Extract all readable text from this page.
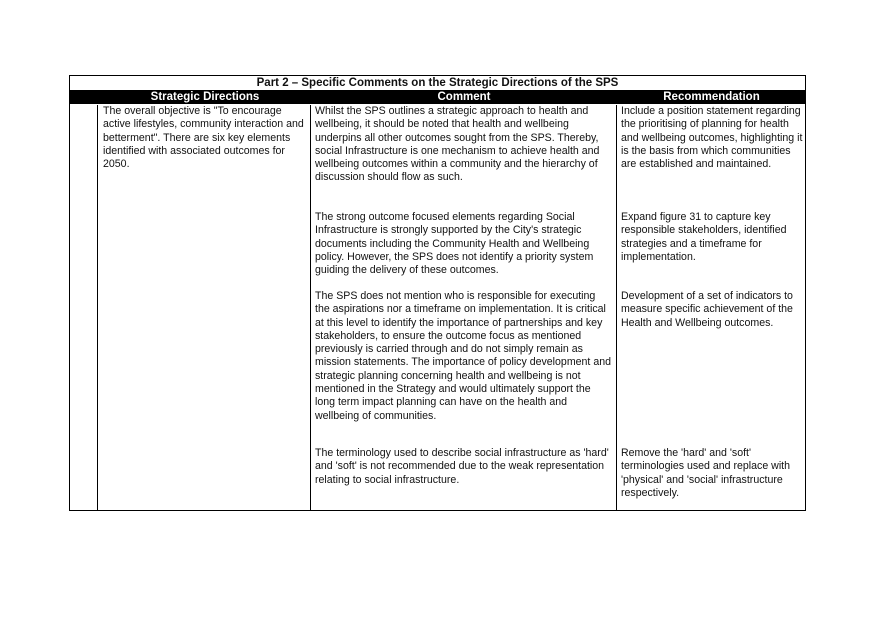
Part 2 – Specific Comments on the Strategic Directions of the SPS
Strategic Directions	Comment	Recommendation
The overall objective is "To encourage active lifestyles, community interaction and betterment". There are six key elements identified with associated outcomes for 2050.
Whilst the SPS outlines a strategic approach to health and wellbeing, it should be noted that health and wellbeing underpins all other outcomes sought from the SPS. Thereby, social Infrastructure is one mechanism to achieve health and wellbeing outcomes within a community and the hierarchy of discussion should flow as such.
Include a position statement regarding the prioritising of planning for health and wellbeing outcomes, highlighting it is the basis from which communities are established and maintained.
The strong outcome focused elements regarding Social Infrastructure is strongly supported by the City's strategic documents including the Community Health and Wellbeing policy. However, the SPS does not identify a priority system guiding the delivery of these outcomes.
Expand figure 31 to capture key responsible stakeholders, identified strategies and a timeframe for implementation.
The SPS does not mention who is responsible for executing the aspirations nor a timeframe on implementation. It is critical at this level to identify the importance of partnerships and key stakeholders, to ensure the outcome focus as mentioned previously is carried through and do not simply remain as mission statements. The importance of policy development and strategic planning concerning health and wellbeing is not mentioned in the Strategy and would ultimately support the long term impact planning can have on the health and wellbeing of communities.
Development of a set of indicators to measure specific achievement of the Health and Wellbeing outcomes.
The terminology used to describe social infrastructure as 'hard' and 'soft' is not recommended due to the weak representation relating to social infrastructure.
Remove the 'hard' and 'soft' terminologies used and replace with 'physical' and 'social' infrastructure respectively.
